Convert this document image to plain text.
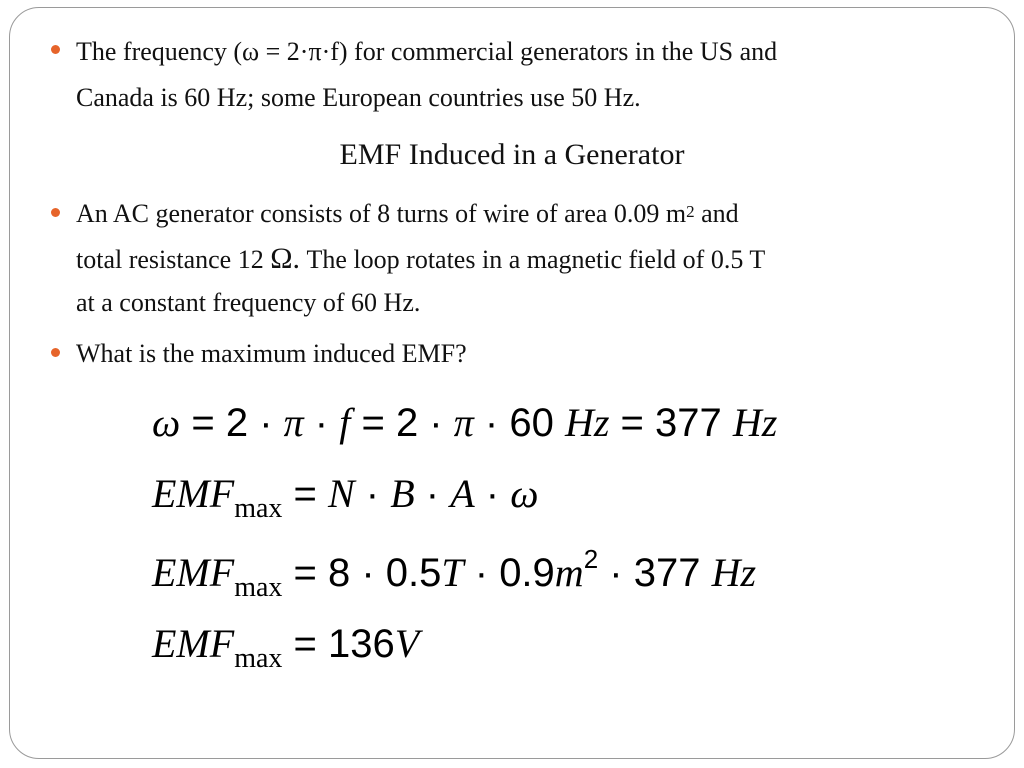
The frequency (ω = 2·π·f) for commercial generators in the US and
Canada is 60 Hz; some European countries use 50 Hz.
EMF Induced in a Generator
An AC generator consists of 8 turns of wire of area 0.09 $m^2$ and
total resistance 12 Ω. The loop rotates in a magnetic field of 0.5 T
at a constant frequency of 60 Hz.
What is the maximum induced EMF?
ω = 2 · π · f = 2 · π · 60 Hz = 377 Hz
$EMF_{max} = N \cdot B \cdot A \cdot \omega$
$EMF_{max} = 8 \cdot 0.5T \cdot 0.9m^2 \cdot 377$ Hz
$EMF_{max} = 136V$
